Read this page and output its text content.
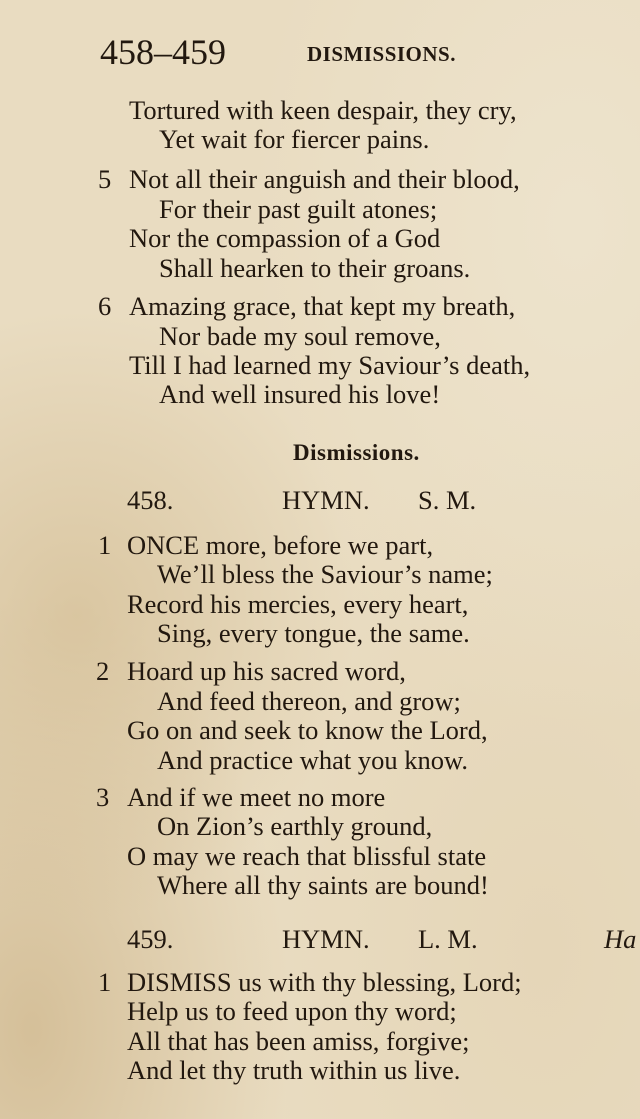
458–459	DISMISSIONS.
Tortured with keen despair, they cry,
Yet wait for fiercer pains.
5 Not all their anguish and their blood,
For their past guilt atones;
Nor the compassion of a God
Shall hearken to their groans.
6 Amazing grace, that kept my breath,
Nor bade my soul remove,
Till I had learned my Saviour’s death,
And well insured his love!
Dismissions.
458.	HYMN. S. M.
1 ONCE more, before we part,
We’ll bless the Saviour’s name;
Record his mercies, every heart,
Sing, every tongue, the same.
2 Hoard up his sacred word,
And feed thereon, and grow;
Go on and seek to know the Lord,
And practice what you know.
3 And if we meet no more
On Zion’s earthly ground,
O may we reach that blissful state
Where all thy saints are bound!
459.	HYMN. L. M.	Ha
1 DISMISS us with thy blessing, Lord;
Help us to feed upon thy word;
All that has been amiss, forgive;
And let thy truth within us live.
